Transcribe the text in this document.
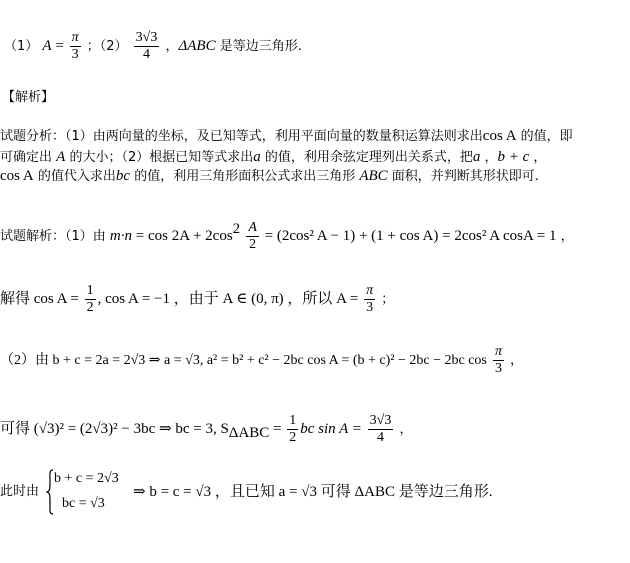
（1） $A = \frac{\pi}{3}$ ；$(2) \frac{3√3}{4}$ ，ΔABC 是等边三角形.
【解析】
试题分析：（1）由两向量的坐标，及已知等式，利用平面向量的数量积运算法则求出cos A 的值，即
可确定出 A 的大小；（2）根据已知等式求出a 的值，利用余弦定理列出关系式，把a ，b + c ，
cos A 的值代入求出bc 的值，利用三角形面积公式求出三角形 ABC 面积，并判断其形状即可.
试题解析：（1）由 $m\cdot n = \cos 2A + 2\cos^2 \frac{A}{2} = (2\cos^2$ A − 1) + (1 + cos A) = 2cos² A cosA = 1 ，
解得 $\cos A = \frac{1}{2}$ , cos A = −1 ，由于 A ∈ (0, π) ，所以 $A = \frac{\pi}{3}$ ；
（2）由 b + c = 2a = 2√3 ⇒ a = √3, a² = b² + c² − 2bc cos A = (b + c)² − 2bc − 2bc $\cos \frac{\pi}{3}$ ，
可得 (√3)² = (2√3)² − 3bc ⇒ bc = 3, $S_{\Delta ABC} = \frac{1}{2}$ bc $\sin A = \frac{3√3}{4}$ ，
此时由
b + c = 2√3
bc = √3
⇒ b = c = √3 ，且已知 a = √3 可得 ΔABC 是等边三角形.
